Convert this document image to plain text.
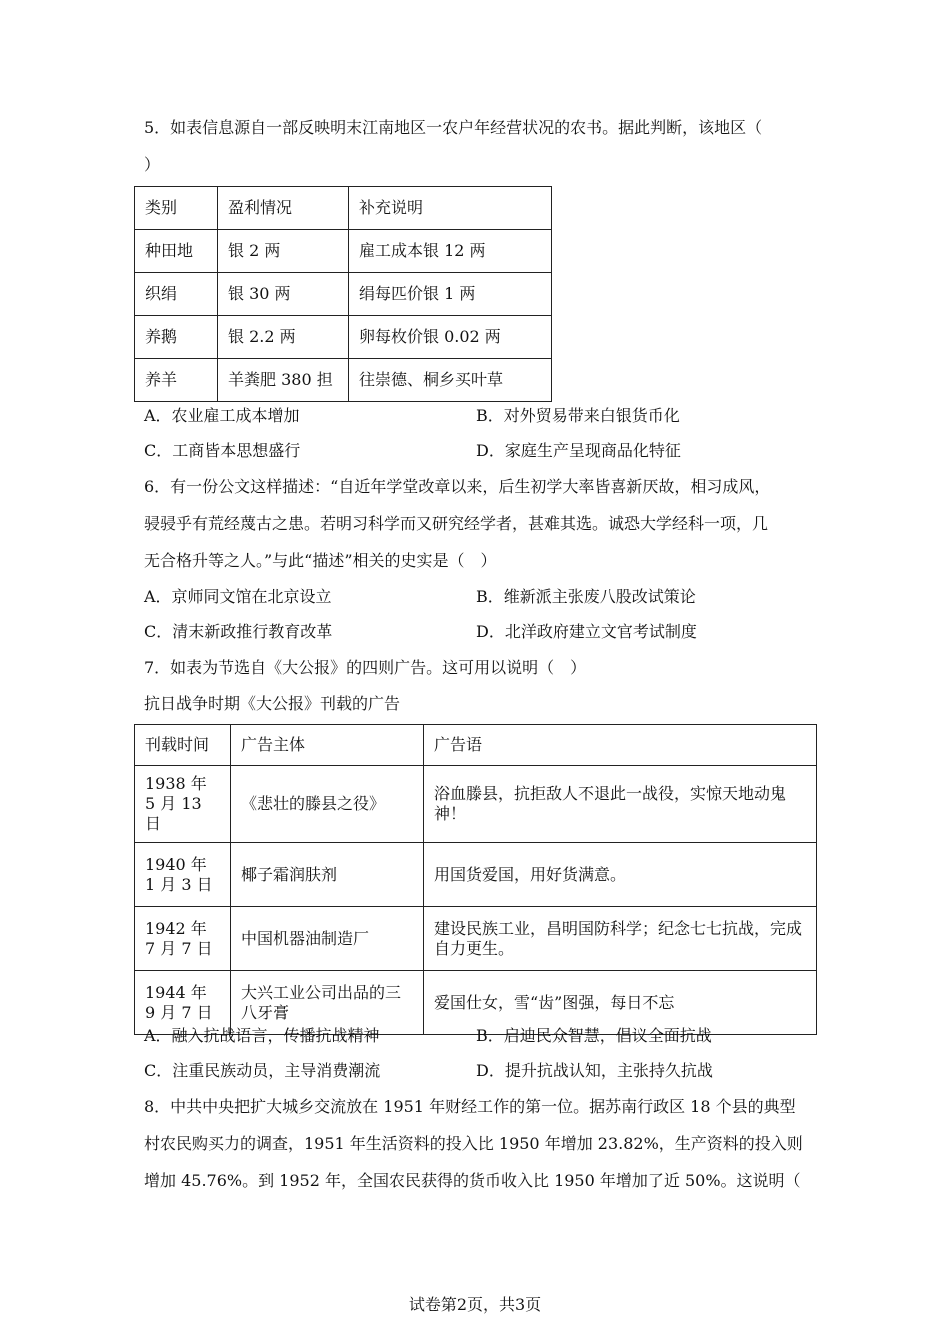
5．如表信息源自一部反映明末江南地区一农户年经营状况的农书。据此判断，该地区（
）
类别	盈利情况	补充说明
种田地	银 2 两	雇工成本银 12 两
织绢	银 30 两	绢每匹价银 1 两
养鹅	银 2.2 两	卵每枚价银 0.02 两
养羊	羊粪肥 380 担	往崇德、桐乡买叶草
A．农业雇工成本增加	B．对外贸易带来白银货币化
C．工商皆本思想盛行	D．家庭生产呈现商品化特征
6．有一份公文这样描述：“自近年学堂改章以来，后生初学大率皆喜新厌故，相习成风，
骎骎乎有荒经蔑古之患。若明习科学而又研究经学者，甚难其选。诚恐大学经科一项，几
无合格升等之人。”与此“描述”相关的史实是（　）
A．京师同文馆在北京设立	B．维新派主张废八股改试策论
C．清末新政推行教育改革	D．北洋政府建立文官考试制度
7．如表为节选自《大公报》的四则广告。这可用以说明（　）
抗日战争时期《大公报》刊载的广告
刊载时间	广告主体	广告语
1938 年 5 月 13 日	《悲壮的滕县之役》	浴血滕县，抗拒敌人不退此一战役，实惊天地动鬼神！
1940 年 1 月 3 日	椰子霜润肤剂	用国货爱国，用好货满意。
1942 年 7 月 7 日	中国机器油制造厂	建设民族工业，昌明国防科学；纪念七七抗战，完成自力更生。
1944 年 9 月 7 日	大兴工业公司出品的三八牙膏	爱国仕女，雪“齿”图强，每日不忘
A．融入抗战语言，传播抗战精神	B．启迪民众智慧，倡议全面抗战
C．注重民族动员，主导消费潮流	D．提升抗战认知，主张持久抗战
8．中共中央把扩大城乡交流放在 1951 年财经工作的第一位。据苏南行政区 18 个县的典型
村农民购买力的调查，1951 年生活资料的投入比 1950 年增加 23.82%，生产资料的投入则
增加 45.76%。到 1952 年，全国农民获得的货币收入比 1950 年增加了近 50%。这说明（
试卷第2页，共3页
